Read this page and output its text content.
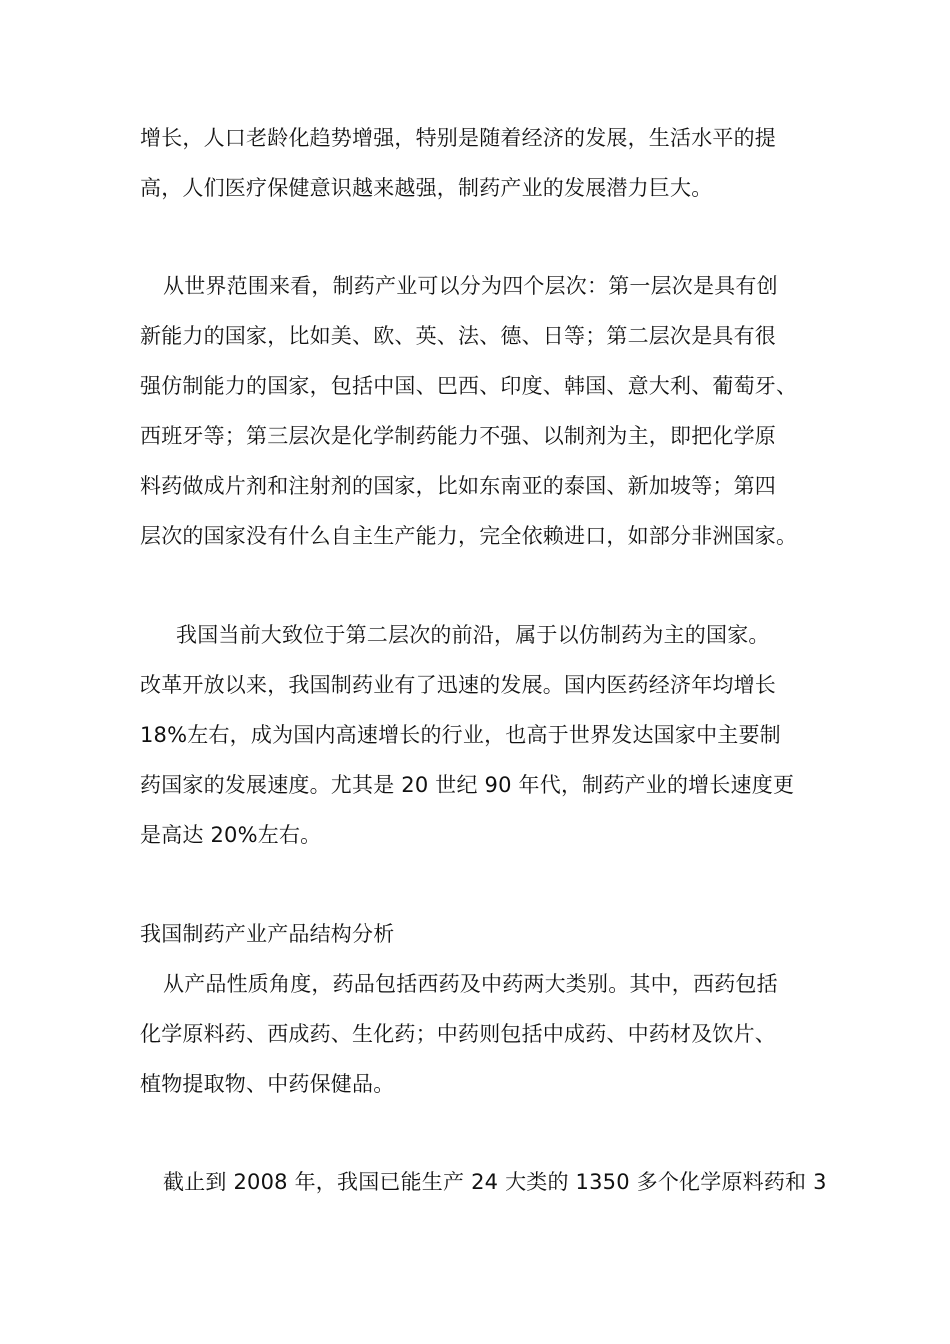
增长，人口老龄化趋势增强，特别是随着经济的发展，生活水平的提
高，人们医疗保健意识越来越强，制药产业的发展潜力巨大。
从世界范围来看，制药产业可以分为四个层次：第一层次是具有创
新能力的国家，比如美、欧、英、法、德、日等；第二层次是具有很
强仿制能力的国家，包括中国、巴西、印度、韩国、意大利、葡萄牙、
西班牙等；第三层次是化学制药能力不强、以制剂为主，即把化学原
料药做成片剂和注射剂的国家，比如东南亚的泰国、新加坡等；第四
层次的国家没有什么自主生产能力，完全依赖进口，如部分非洲国家。
我国当前大致位于第二层次的前沿，属于以仿制药为主的国家。
改革开放以来，我国制药业有了迅速的发展。国内医药经济年均增长
18%左右，成为国内高速增长的行业，也高于世界发达国家中主要制
药国家的发展速度。尤其是 20 世纪 90 年代，制药产业的增长速度更
是高达 20%左右。
我国制药产业产品结构分析
从产品性质角度，药品包括西药及中药两大类别。其中，西药包括
化学原料药、西成药、生化药；中药则包括中成药、中药材及饮片、
植物提取物、中药保健品。
截止到 2008 年，我国已能生产 24 大类的 1350 多个化学原料药和 3
